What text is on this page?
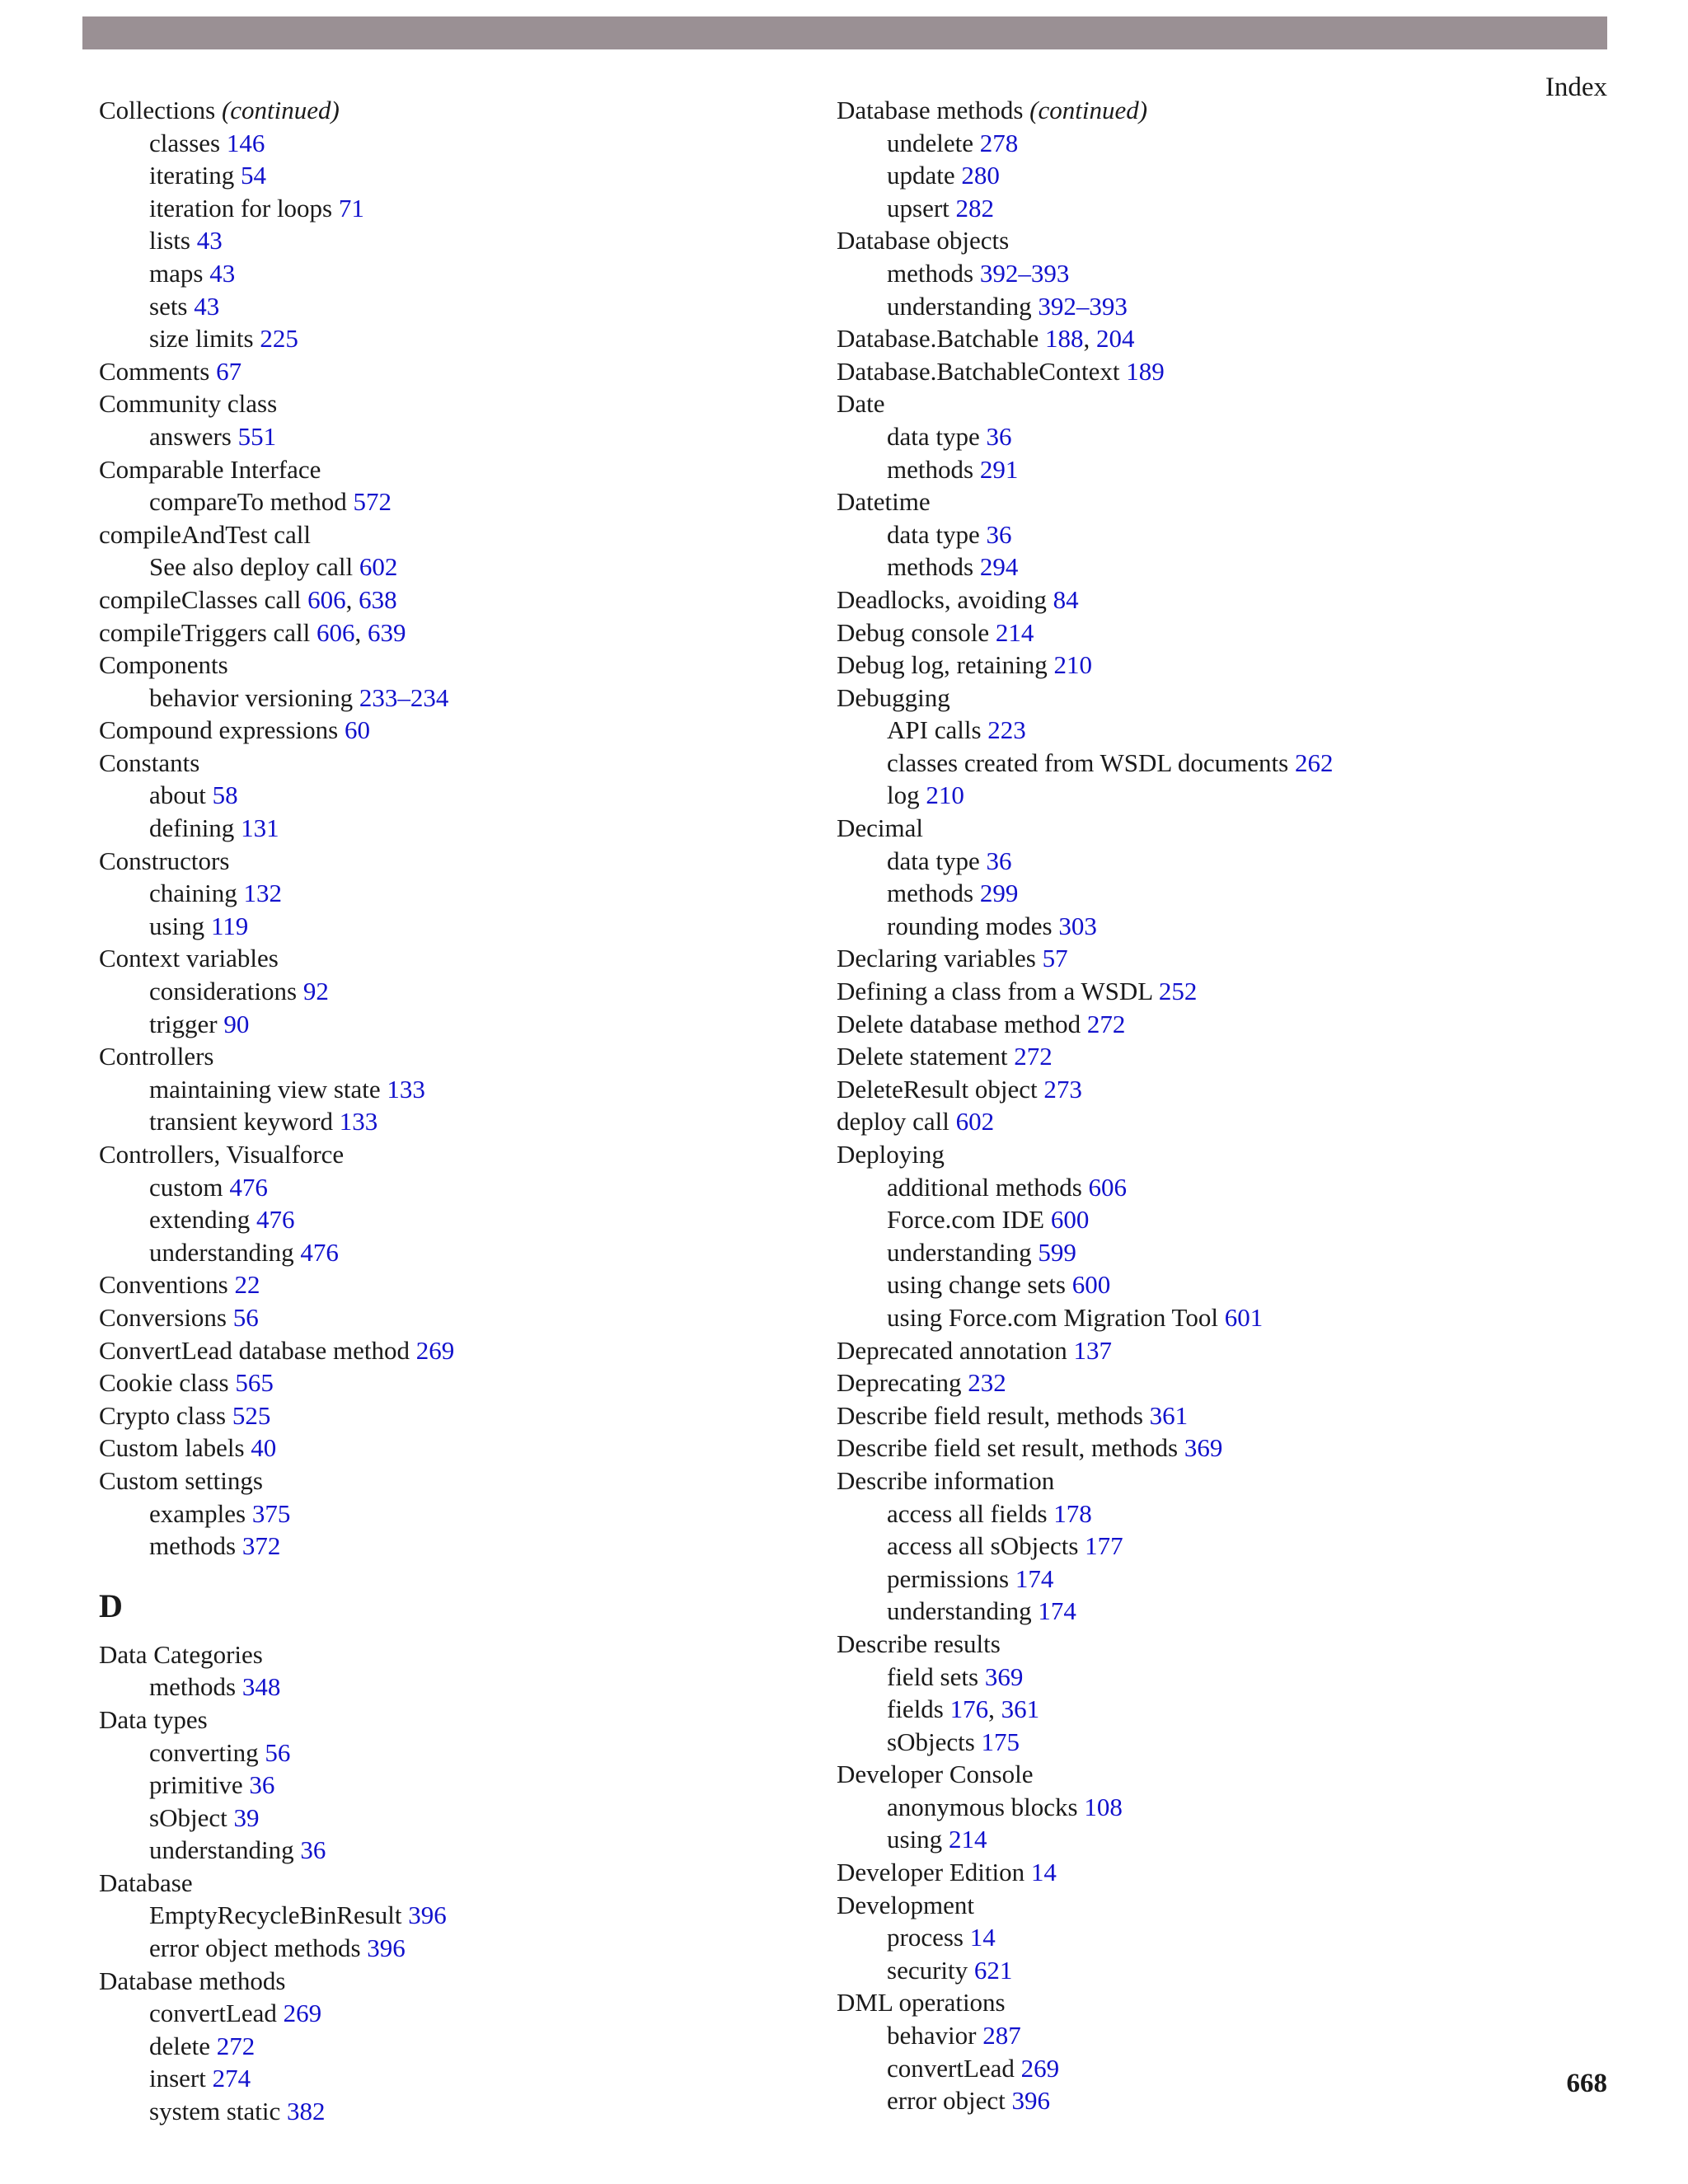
Index
Collections (continued)
classes 146
iterating 54
iteration for loops 71
lists 43
maps 43
sets 43
size limits 225
Comments 67
Community class
answers 551
Comparable Interface
compareTo method 572
compileAndTest call
See also deploy call 602
compileClasses call 606, 638
compileTriggers call 606, 639
Components
behavior versioning 233–234
Compound expressions 60
Constants
about 58
defining 131
Constructors
chaining 132
using 119
Context variables
considerations 92
trigger 90
Controllers
maintaining view state 133
transient keyword 133
Controllers, Visualforce
custom 476
extending 476
understanding 476
Conventions 22
Conversions 56
ConvertLead database method 269
Cookie class 565
Crypto class 525
Custom labels 40
Custom settings
examples 375
methods 372
D
Data Categories
methods 348
Data types
converting 56
primitive 36
sObject 39
understanding 36
Database
EmptyRecycleBinResult 396
error object methods 396
Database methods
convertLead 269
delete 272
insert 274
system static 382
Database methods (continued)
undelete 278
update 280
upsert 282
Database objects
methods 392–393
understanding 392–393
Database.Batchable 188, 204
Database.BatchableContext 189
Date
data type 36
methods 291
Datetime
data type 36
methods 294
Deadlocks, avoiding 84
Debug console 214
Debug log, retaining 210
Debugging
API calls 223
classes created from WSDL documents 262
log 210
Decimal
data type 36
methods 299
rounding modes 303
Declaring variables 57
Defining a class from a WSDL 252
Delete database method 272
Delete statement 272
DeleteResult object 273
deploy call 602
Deploying
additional methods 606
Force.com IDE 600
understanding 599
using change sets 600
using Force.com Migration Tool 601
Deprecated annotation 137
Deprecating 232
Describe field result, methods 361
Describe field set result, methods 369
Describe information
access all fields 178
access all sObjects 177
permissions 174
understanding 174
Describe results
field sets 369
fields 176, 361
sObjects 175
Developer Console
anonymous blocks 108
using 214
Developer Edition 14
Development
process 14
security 621
DML operations
behavior 287
convertLead 269
error object 396
668
